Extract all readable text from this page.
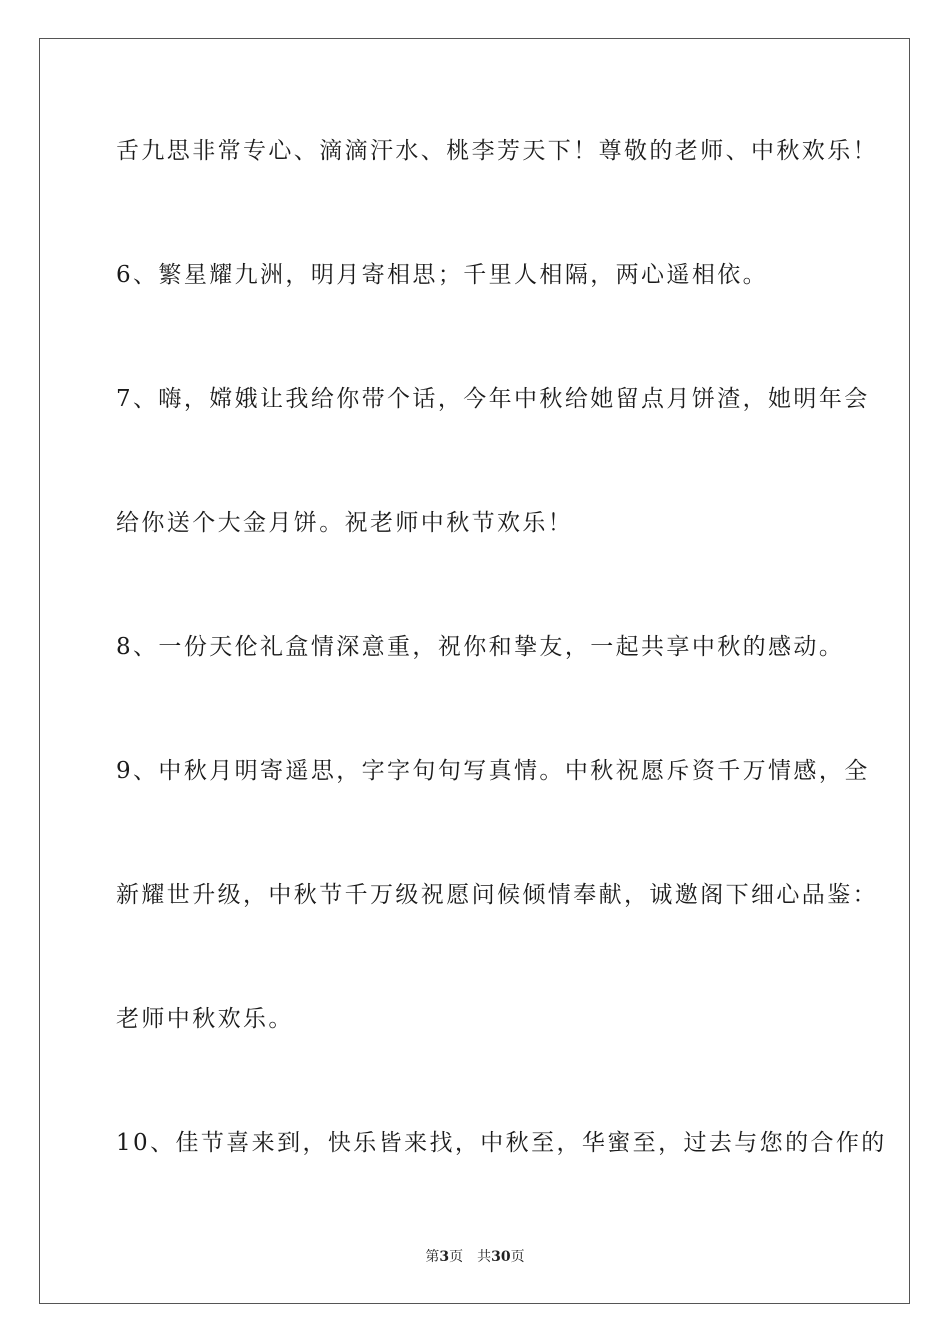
舌九思非常专心、滴滴汗水、桃李芳天下！尊敬的老师、中秋欢乐！
6、繁星耀九洲，明月寄相思；千里人相隔，两心遥相依。
7、嗨，嫦娥让我给你带个话，今年中秋给她留点月饼渣，她明年会
给你送个大金月饼。祝老师中秋节欢乐！
8、一份天伦礼盒情深意重，祝你和挚友，一起共享中秋的感动。
9、中秋月明寄遥思，字字句句写真情。中秋祝愿斥资千万情感，全
新耀世升级，中秋节千万级祝愿问候倾情奉献，诚邀阁下细心品鉴：
老师中秋欢乐。
10、佳节喜来到，快乐皆来找，中秋至，华蜜至，过去与您的合作的
第3页 共30页
